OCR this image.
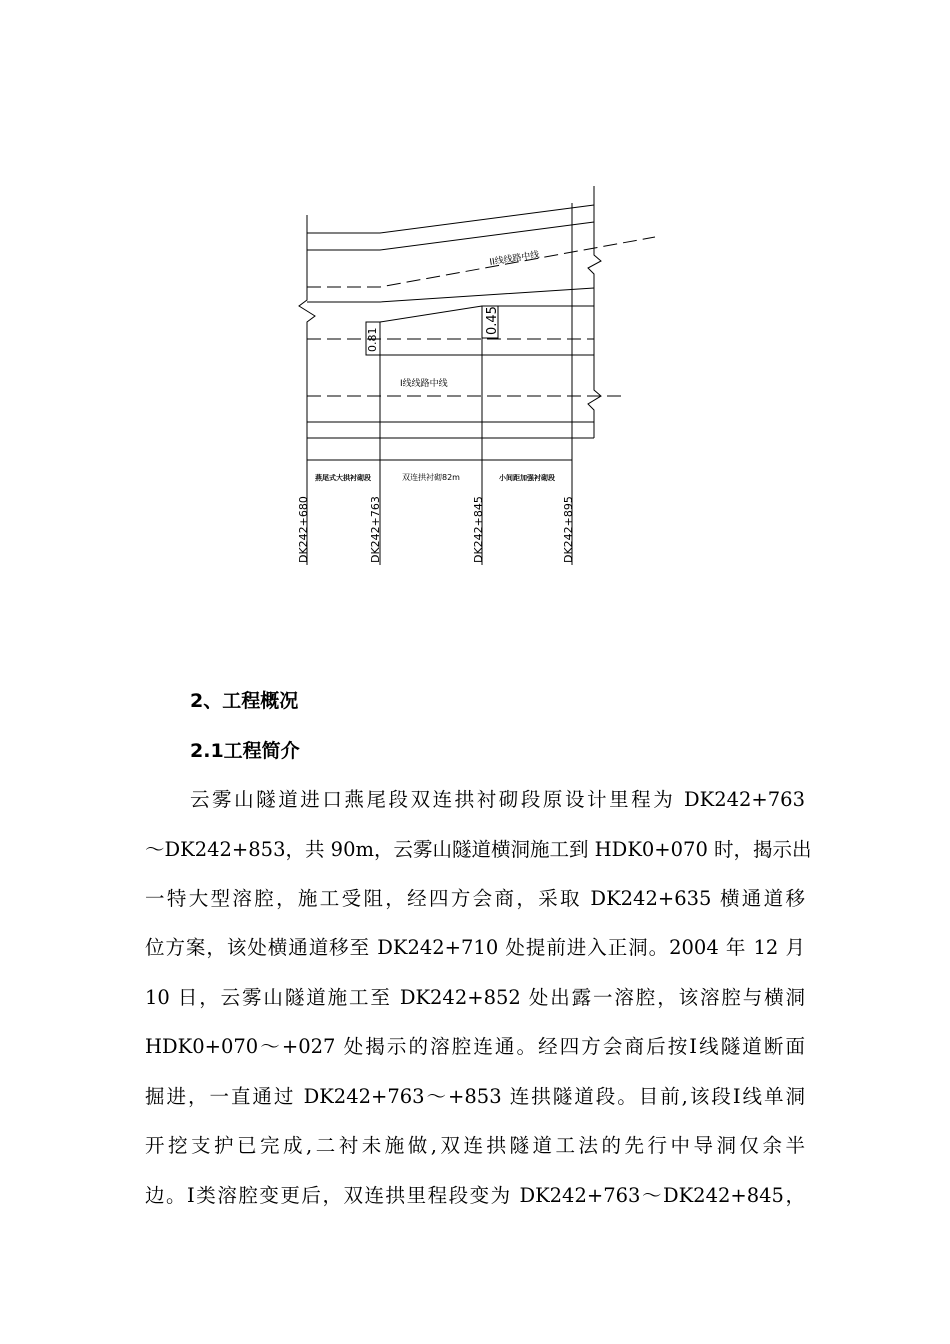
II线线路中线
I线线路中线
0.81
0.45
燕尾式大拱衬砌段	双连拱衬砌82m	小间距加强衬砌段
DK242+680	DK242+763	DK242+845	DK242+895
2、工程概况
2.1工程简介

云雾山隧道进口燕尾段双连拱衬砌段原设计里程为 DK242+763

～DK242+853，共 90m，云雾山隧道横洞施工到 HDK0+070 时，揭示出

一特大型溶腔，施工受阻，经四方会商，采取 DK242+635 横通道移

位方案，该处横通道移至 DK242+710 处提前进入正洞。2004 年 12 月

10 日，云雾山隧道施工至 DK242+852 处出露一溶腔，该溶腔与横洞

HDK0+070～+027 处揭示的溶腔连通。经四方会商后按Ⅰ线隧道断面

掘进，一直通过 DK242+763～+853 连拱隧道段。目前,该段Ⅰ线单洞

开挖支护已完成,二衬未施做,双连拱隧道工法的先行中导洞仅余半

边。Ⅰ类溶腔变更后，双连拱里程段变为 DK242+763～DK242+845，
